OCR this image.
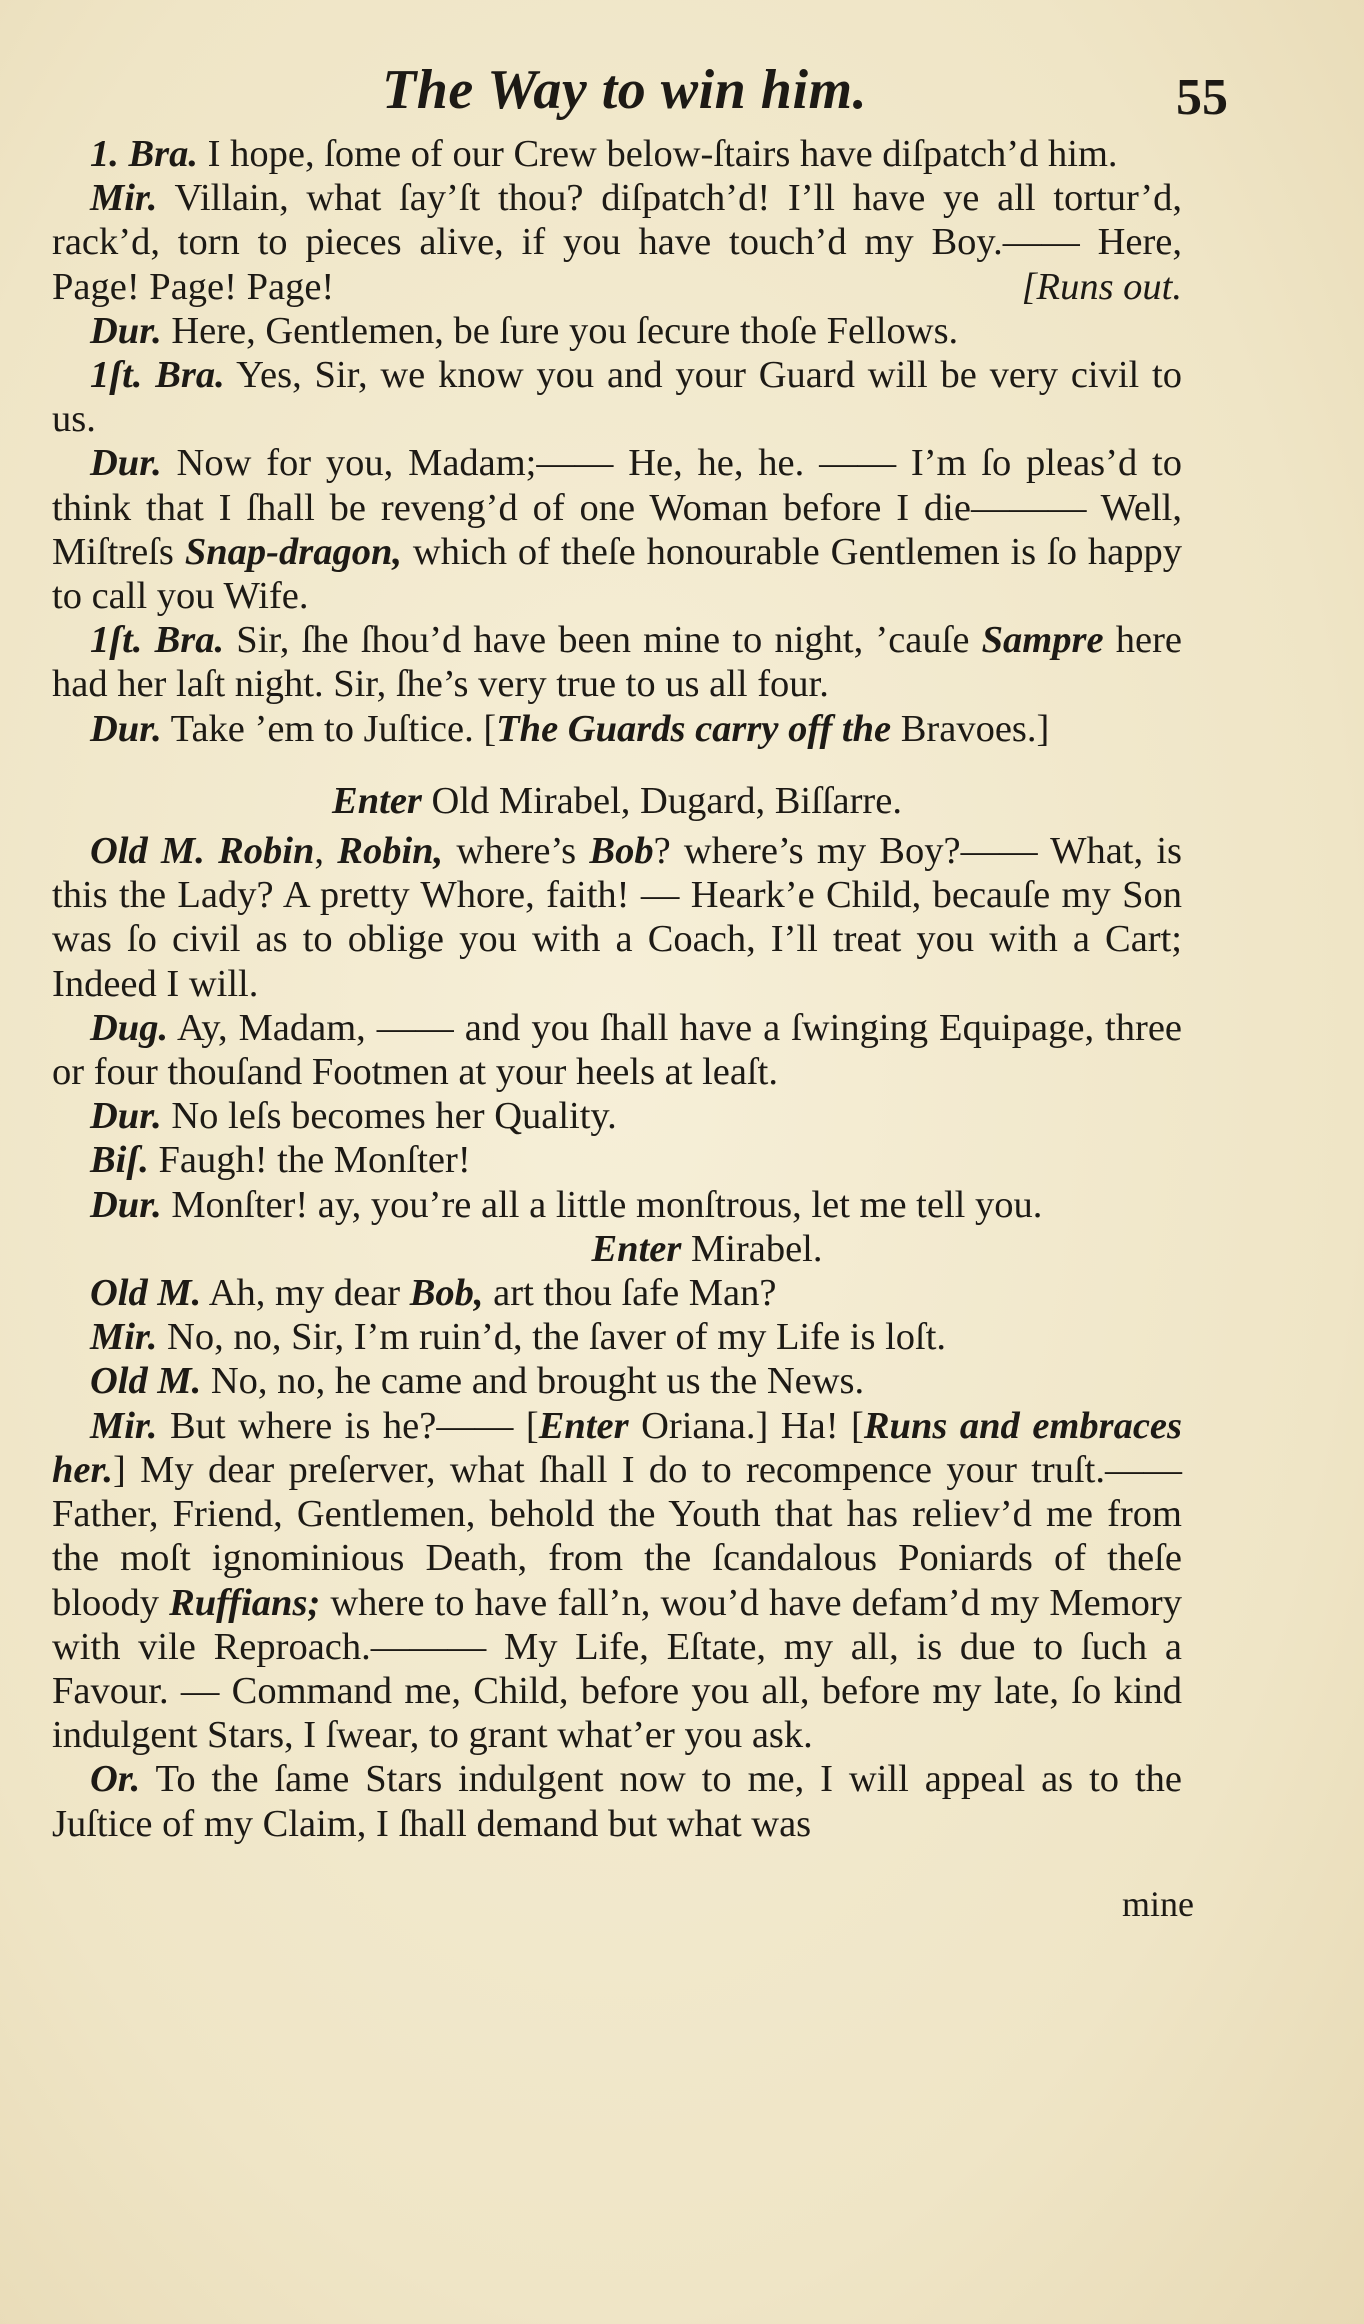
The Way to win him.	55

1. Bra. I hope, ſome of our Crew below-ſtairs have diſpatch’d him.

Mir. Villain, what ſay’ſt thou? diſpatch’d! I’ll have ye all tortur’d, rack’d, torn to pieces alive, if you have touch’d my Boy.—— Here, Page! Page! Page!	[Runs out.

Dur. Here, Gentlemen, be ſure you ſecure thoſe Fellows.

1ſt. Bra. Yes, Sir, we know you and your Guard will be very civil to us.

Dur. Now for you, Madam;—— He, he, he. —— I’m ſo pleas’d to think that I ſhall be reveng’d of one Woman before I die——— Well, Miſtreſs Snap-dragon, which of theſe honourable Gentlemen is ſo happy to call you Wife.

1ſt. Bra. Sir, ſhe ſhou’d have been mine to night, ’cauſe Sampre here had her laſt night. Sir, ſhe’s very true to us all four.

Dur. Take ’em to Juſtice. [The Guards carry off the Bravoes.]

Enter Old Mirabel, Dugard, Biſſarre.

Old M. Robin, Robin, where’s Bob? where’s my Boy?—— What, is this the Lady? A pretty Whore, faith! — Heark’e Child, becauſe my Son was ſo civil as to oblige you with a Coach, I’ll treat you with a Cart; Indeed I will.

Dug. Ay, Madam, —— and you ſhall have a ſwinging Equipage, three or four thouſand Footmen at your heels at leaſt.

Dur. No leſs becomes her Quality.

Biſ. Faugh! the Monſter!

Dur. Monſter! ay, you’re all a little monſtrous, let me tell you.

Enter Mirabel.

Old M. Ah, my dear Bob, art thou ſafe Man?

Mir. No, no, Sir, I’m ruin’d, the ſaver of my Life is loſt.

Old M. No, no, he came and brought us the News.

Mir. But where is he?—— [Enter Oriana.] Ha! [Runs and embraces her.] My dear preſerver, what ſhall I do to recompence your truſt.—— Father, Friend, Gentlemen, behold the Youth that has reliev’d me from the moſt ignominious Death, from the ſcandalous Poniards of theſe bloody Ruffians; where to have fall’n, wou’d have defam’d my Memory with vile Reproach.——— My Life, Eſtate, my all, is due to ſuch a Favour. — Command me, Child, before you all, before my late, ſo kind indulgent Stars, I ſwear, to grant what’er you ask.

Or. To the ſame Stars indulgent now to me, I will appeal as to the Juſtice of my Claim, I ſhall demand but what was

mine
